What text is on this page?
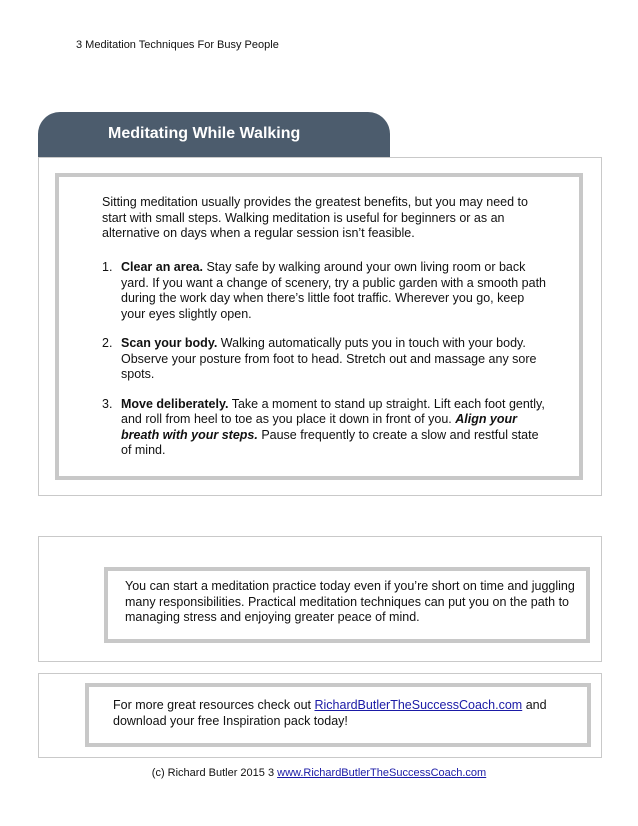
3 Meditation Techniques For Busy People
Meditating While Walking
Sitting meditation usually provides the greatest benefits, but you may need to start with small steps. Walking meditation is useful for beginners or as an alternative on days when a regular session isn’t feasible.
1. Clear an area. Stay safe by walking around your own living room or back yard. If you want a change of scenery, try a public garden with a smooth path during the work day when there’s little foot traffic. Wherever you go, keep your eyes slightly open.
2. Scan your body. Walking automatically puts you in touch with your body. Observe your posture from foot to head. Stretch out and massage any sore spots.
3. Move deliberately. Take a moment to stand up straight. Lift each foot gently, and roll from heel to toe as you place it down in front of you. Align your breath with your steps. Pause frequently to create a slow and restful state of mind.
You can start a meditation practice today even if you’re short on time and juggling many responsibilities. Practical meditation techniques can put you on the path to managing stress and enjoying greater peace of mind.
For more great resources check out RichardButlerTheSuccessCoach.com and download your free Inspiration pack today!
(c) Richard Butler 2015 3 www.RichardButlerTheSuccessCoach.com
